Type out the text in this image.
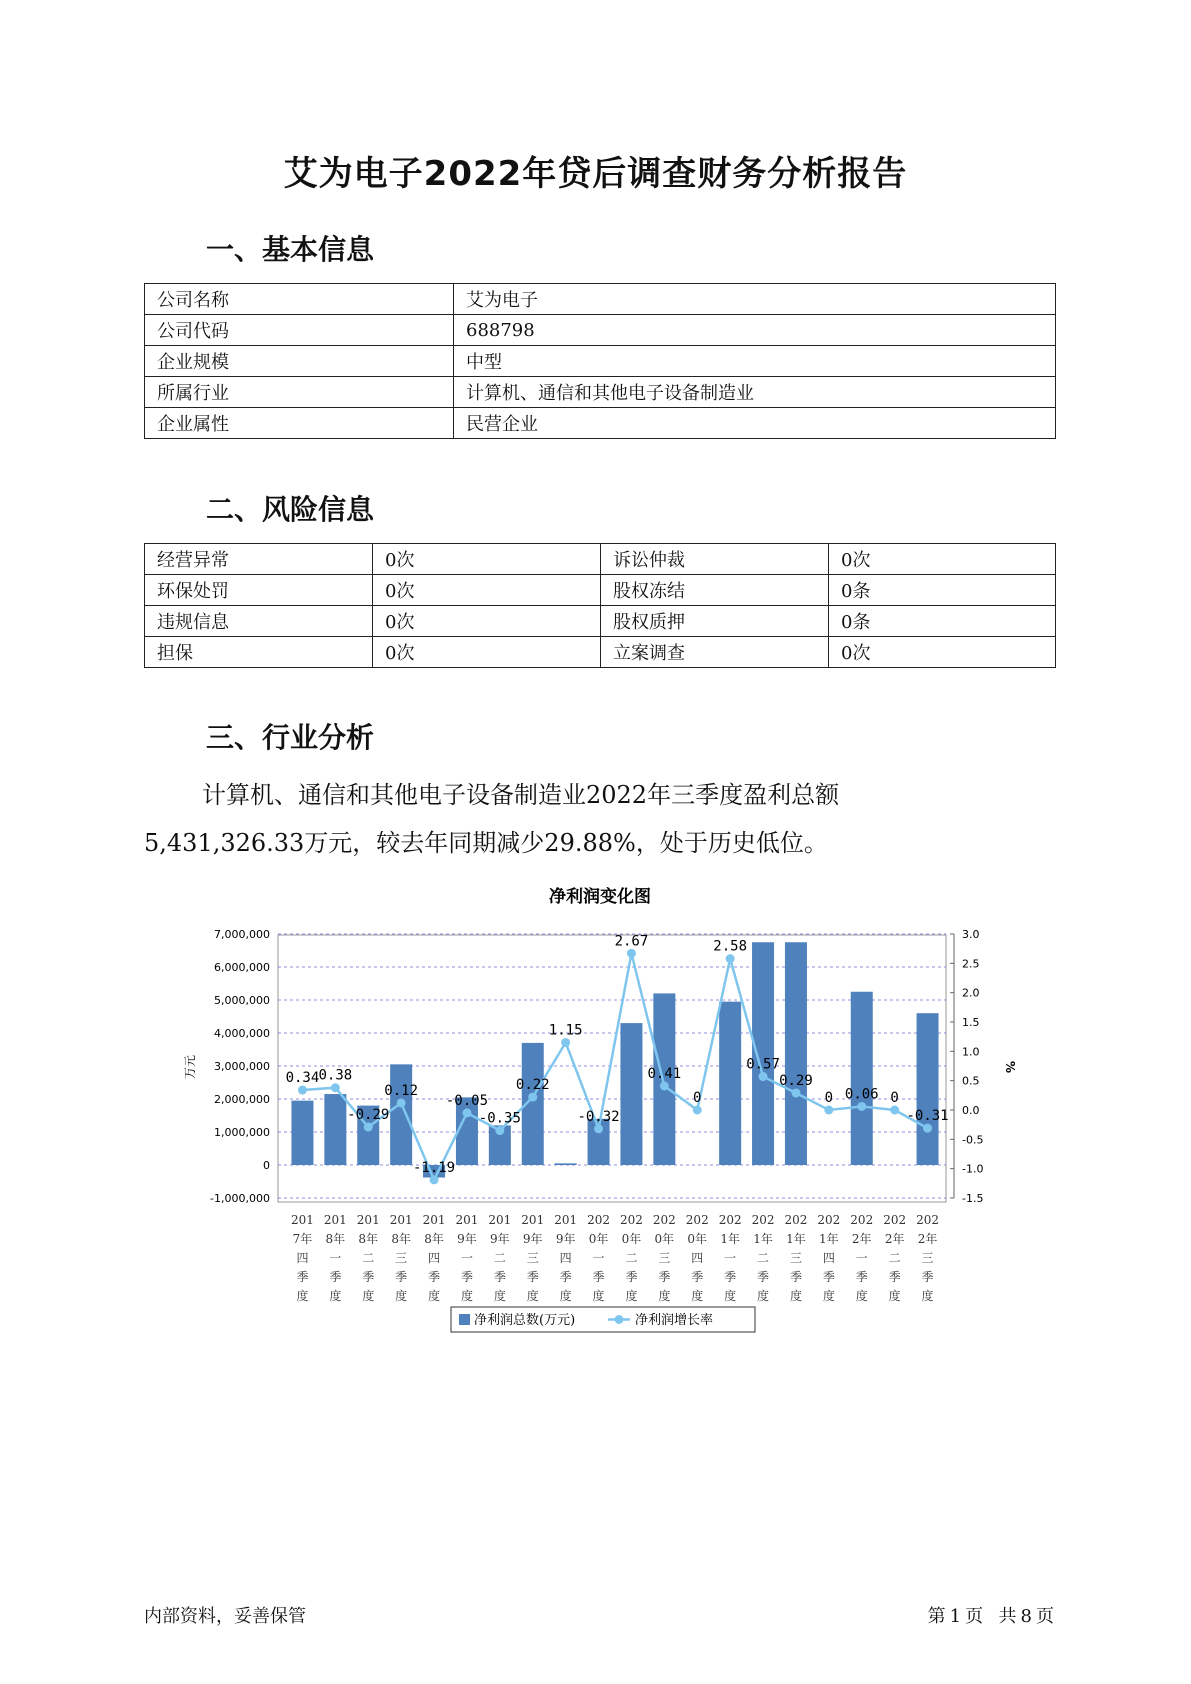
艾为电子2022年贷后调查财务分析报告
一、基本信息
公司名称	艾为电子
公司代码	688798
企业规模	中型
所属行业	计算机、通信和其他电子设备制造业
企业属性	民营企业
二、风险信息
经营异常	0次	诉讼仲裁	0次
环保处罚	0次	股权冻结	0条
违规信息	0次	股权质押	0条
担保	0次	立案调查	0次
三、行业分析
计算机、通信和其他电子设备制造业2022年三季度盈利总额
5,431,326.33万元，较去年同期减少29.88%，处于历史低位。
净利润变化图
7,000,000
6,000,000
5,000,000
4,000,000
3,000,000
2,000,000
1,000,000
0
-1,000,000
3.0
2.5
2.0
1.5
1.0
0.5
0.0
-0.5
-1.0
-1.5
万元	%
0.34 0.38
-0.29
0.12
-1.19
-0.05
-0.35
0.22
1.15
-0.32
2.67
0.41
0
2.58
0.57
0.29
0 0.06 0
-0.31
201
7年
四
季
度
201
8年
一
季
度
201
8年
二
季
度
201
8年
三
季
度
201
8年
四
季
度
201
9年
一
季
度
201
9年
二
季
度
201
9年
三
季
度
201
9年
四
季
度
202
0年
一
季
度
202
0年
二
季
度
202
0年
三
季
度
202
0年
四
季
度
202
1年
一
季
度
202
1年
二
季
度
202
1年
三
季
度
202
1年
四
季
度
202
2年
一
季
度
202
2年
二
季
度
202
2年
三
季
度
净利润总数(万元)	净利润增长率
内部资料，妥善保管	第 1 页 共 8 页
